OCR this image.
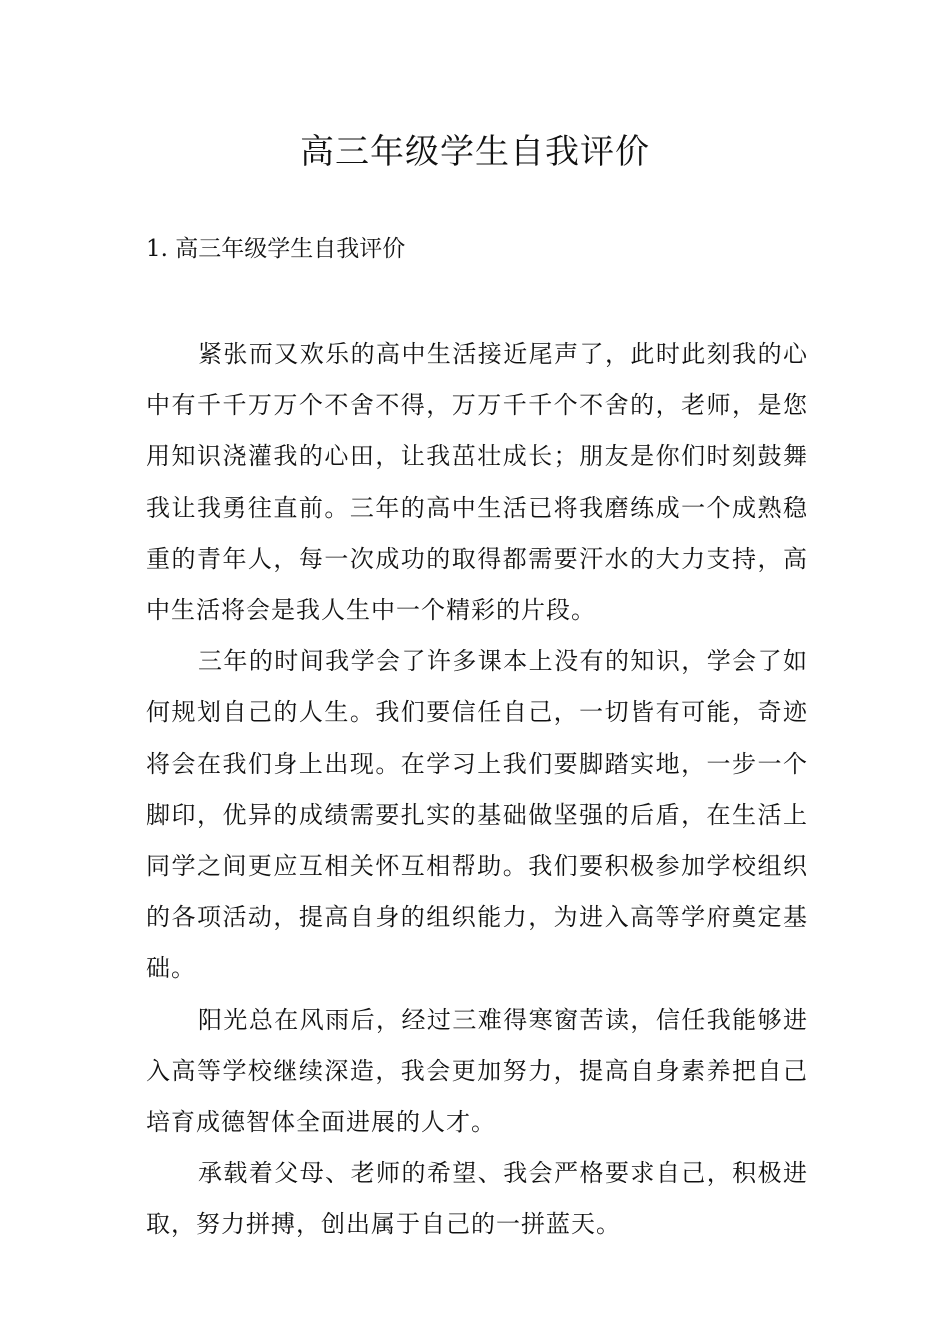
高三年级学生自我评价
1. 高三年级学生自我评价

紧张而又欢乐的高中生活接近尾声了，此时此刻我的心中有千千万万个不舍不得，万万千千个不舍的，老师，是您用知识浇灌我的心田，让我茁壮成长；朋友是你们时刻鼓舞我让我勇往直前。三年的高中生活已将我磨练成一个成熟稳重的青年人，每一次成功的取得都需要汗水的大力支持，高中生活将会是我人生中一个精彩的片段。

三年的时间我学会了许多课本上没有的知识，学会了如何规划自己的人生。我们要信任自己，一切皆有可能，奇迹将会在我们身上出现。在学习上我们要脚踏实地，一步一个脚印，优异的成绩需要扎实的基础做坚强的后盾，在生活上同学之间更应互相关怀互相帮助。我们要积极参加学校组织的各项活动，提高自身的组织能力，为进入高等学府奠定基础。

阳光总在风雨后，经过三难得寒窗苦读，信任我能够进入高等学校继续深造，我会更加努力，提高自身素养把自己培育成德智体全面进展的人才。

承载着父母、老师的希望、我会严格要求自己，积极进取，努力拼搏，创出属于自己的一拼蓝天。
